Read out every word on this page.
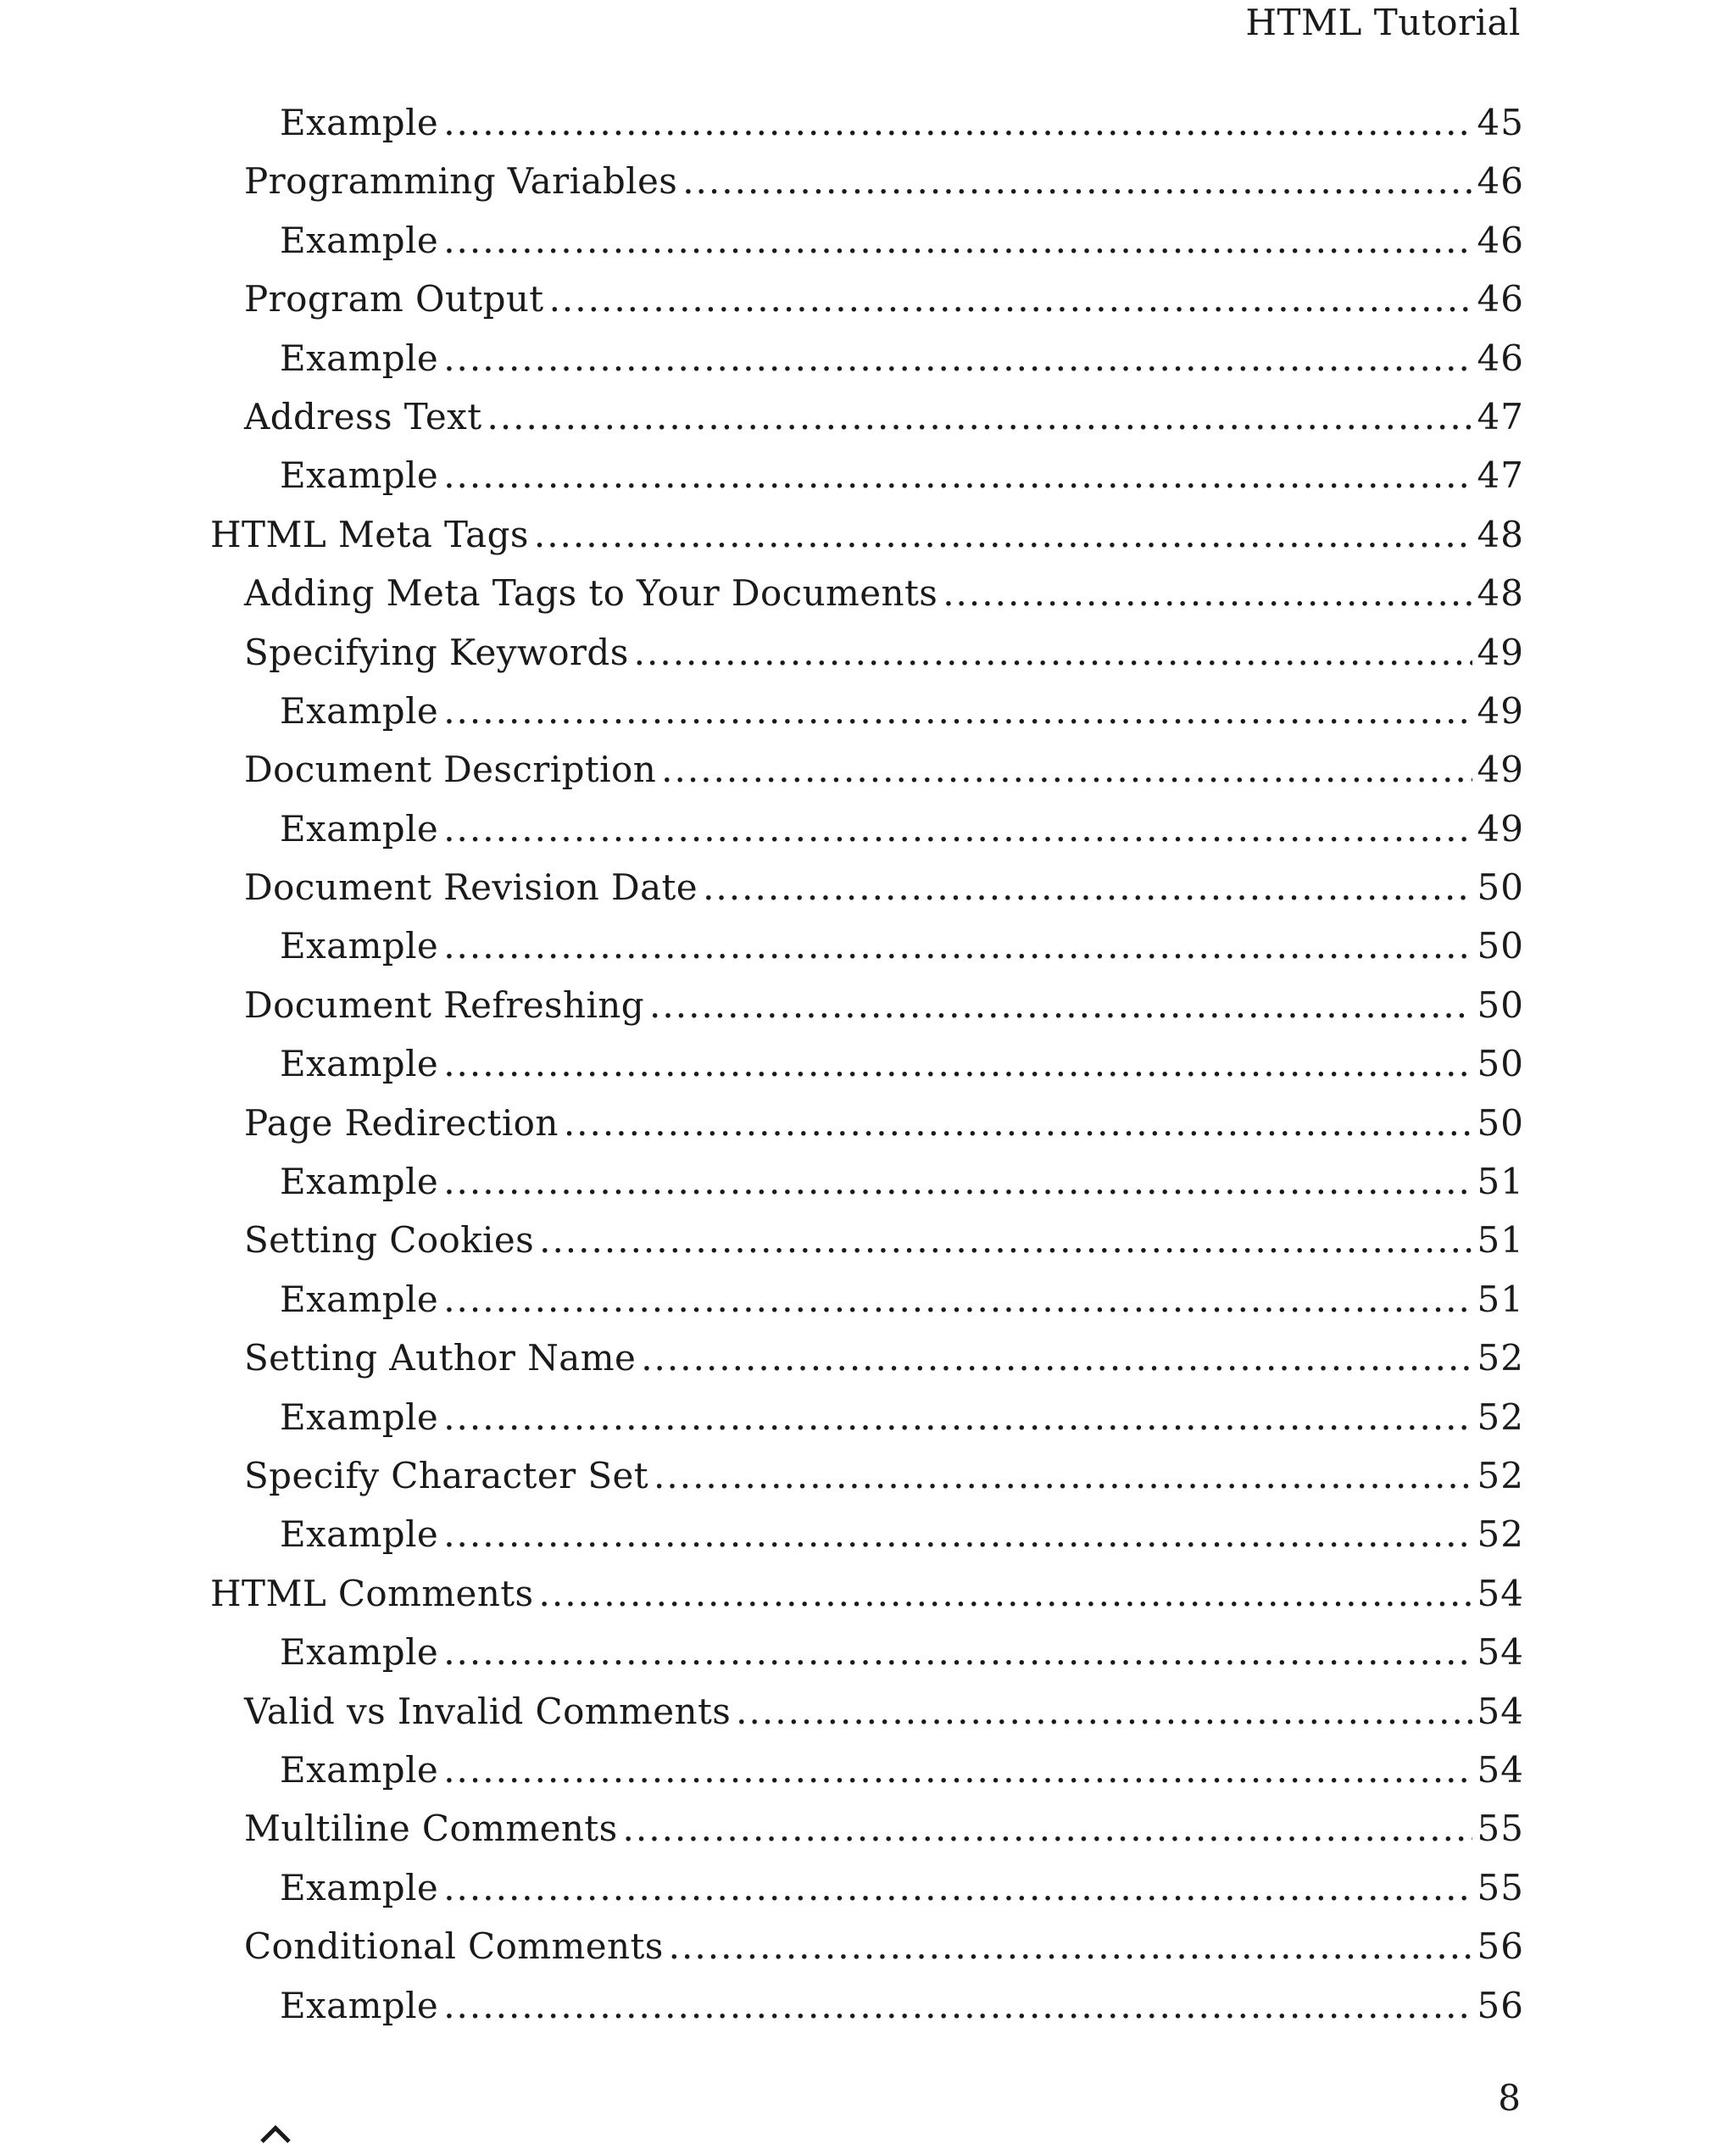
HTML Tutorial
Example .....	45
Programming Variables .....	46
Example .....	46
Program Output .....	46
Example .....	46
Address Text .....	47
Example .....	47
HTML Meta Tags .....	48
Adding Meta Tags to Your Documents .....	48
Specifying Keywords .....	49
Example .....	49
Document Description .....	49
Example .....	49
Document Revision Date .....	50
Example .....	50
Document Refreshing .....	50
Example .....	50
Page Redirection .....	50
Example .....	51
Setting Cookies .....	51
Example .....	51
Setting Author Name .....	52
Example .....	52
Specify Character Set .....	52
Example .....	52
HTML Comments .....	54
Example .....	54
Valid vs Invalid Comments .....	54
Example .....	54
Multiline Comments .....	55
Example .....	55
Conditional Comments .....	56
Example .....	56
8
